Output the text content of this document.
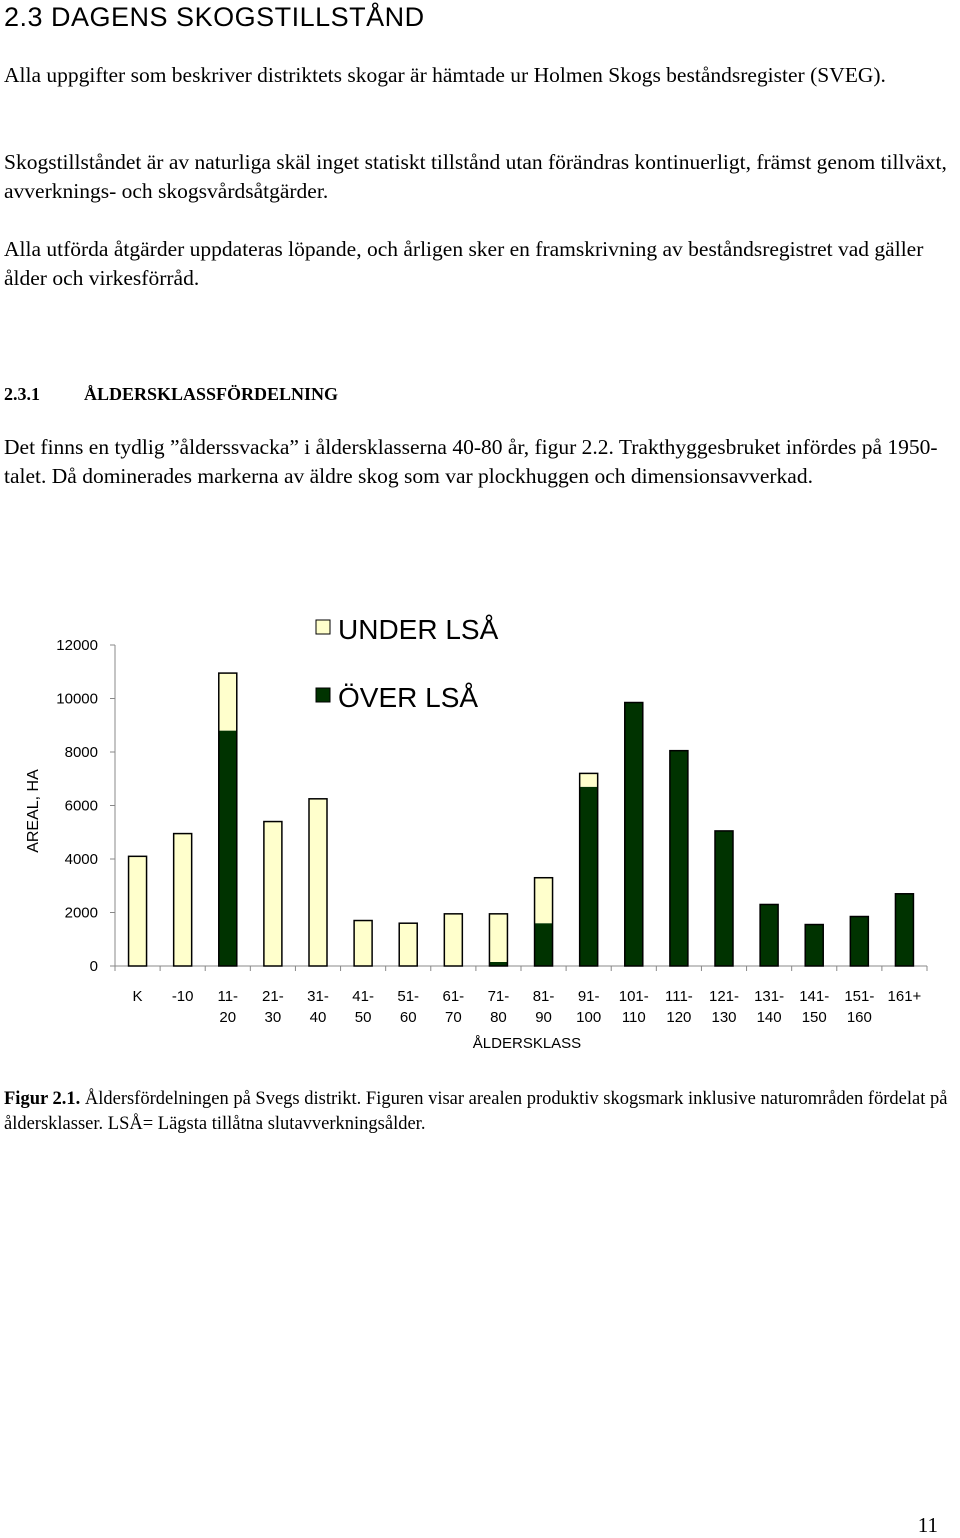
2.3 DAGENS SKOGSTILLSTÅND
Alla uppgifter som beskriver distriktets skogar är hämtade ur Holmen Skogs beståndsregister (SVEG).
Skogstillståndet är av naturliga skäl inget statiskt tillstånd utan förändras kontinuerligt, främst genom tillväxt, avverknings- och skogsvårdsåtgärder.
Alla utförda åtgärder uppdateras löpande, och årligen sker en framskrivning av beståndsregistret vad gäller ålder och virkesförråd.
2.3.1 ÅLDERSKLASSFÖRDELNING
Det finns en tydlig ”ålderssvacka” i åldersklasserna 40-80 år, figur 2.2. Trakthyggesbruket infördes på 1950-talet. Då dominerades markerna av äldre skog som var plockhuggen och dimensionsavverkad.
0
2000
4000
6000
8000
10000
12000
K -10 11-
20
21-
30
31-
40
41-
50
51-
60
61-
70
71-
80
81-
90
91-
100
101-
110
111-
120
121-
130
131-
140
141-
150
151-
160
161+
ÅLDERSKLASS
AREAL, HA
UNDER LSÅ
ÖVER LSÅ
Figur 2.1. Åldersfördelningen på Svegs distrikt. Figuren visar arealen produktiv skogsmark inklusive naturområden fördelat på åldersklasser. LSÅ= Lägsta tillåtna slutavverkningsålder.
11
